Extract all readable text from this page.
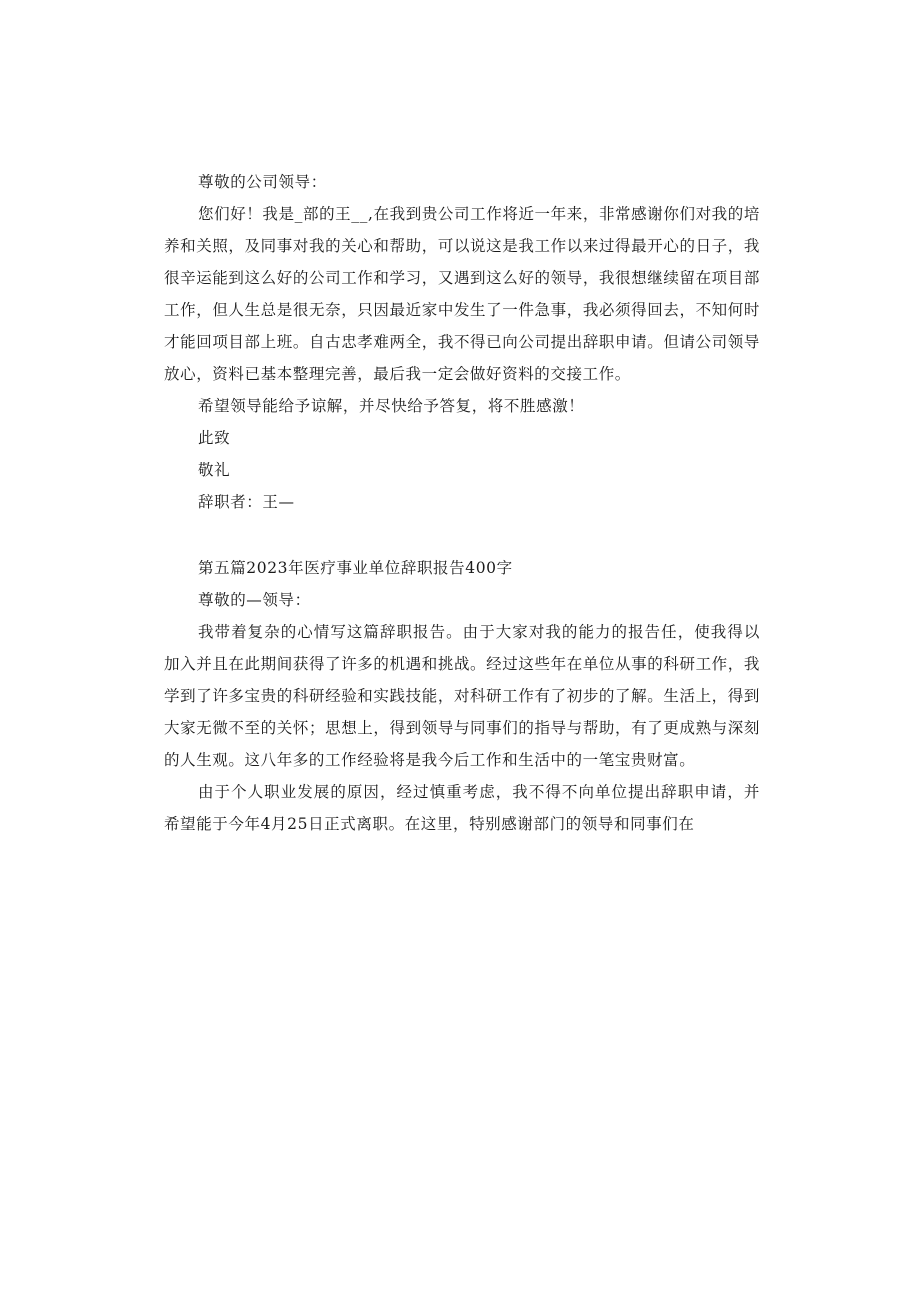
尊敬的公司领导：

您们好！我是_部的王__,在我到贵公司工作将近一年来，非常感谢你们对我的培养和关照，及同事对我的关心和帮助，可以说这是我工作以来过得最开心的日子，我很辛运能到这么好的公司工作和学习，又遇到这么好的领导，我很想继续留在项目部工作，但人生总是很无奈，只因最近家中发生了一件急事，我必须得回去，不知何时才能回项目部上班。自古忠孝难两全，我不得已向公司提出辞职申请。但请公司领导放心，资料已基本整理完善，最后我一定会做好资料的交接工作。

希望领导能给予谅解，并尽快给予答复，将不胜感激！

此致

敬礼

辞职者：王—

第五篇2023年医疗事业单位辞职报告400字

尊敬的—领导：

我带着复杂的心情写这篇辞职报告。由于大家对我的能力的报告任，使我得以加入并且在此期间获得了许多的机遇和挑战。经过这些年在单位从事的科研工作，我学到了许多宝贵的科研经验和实践技能，对科研工作有了初步的了解。生活上，得到大家无微不至的关怀；思想上，得到领导与同事们的指导与帮助，有了更成熟与深刻的人生观。这八年多的工作经验将是我今后工作和生活中的一笔宝贵财富。

由于个人职业发展的原因，经过慎重考虑，我不得不向单位提出辞职申请，并希望能于今年4月25日正式离职。在这里，特别感谢部门的领导和同事们在
